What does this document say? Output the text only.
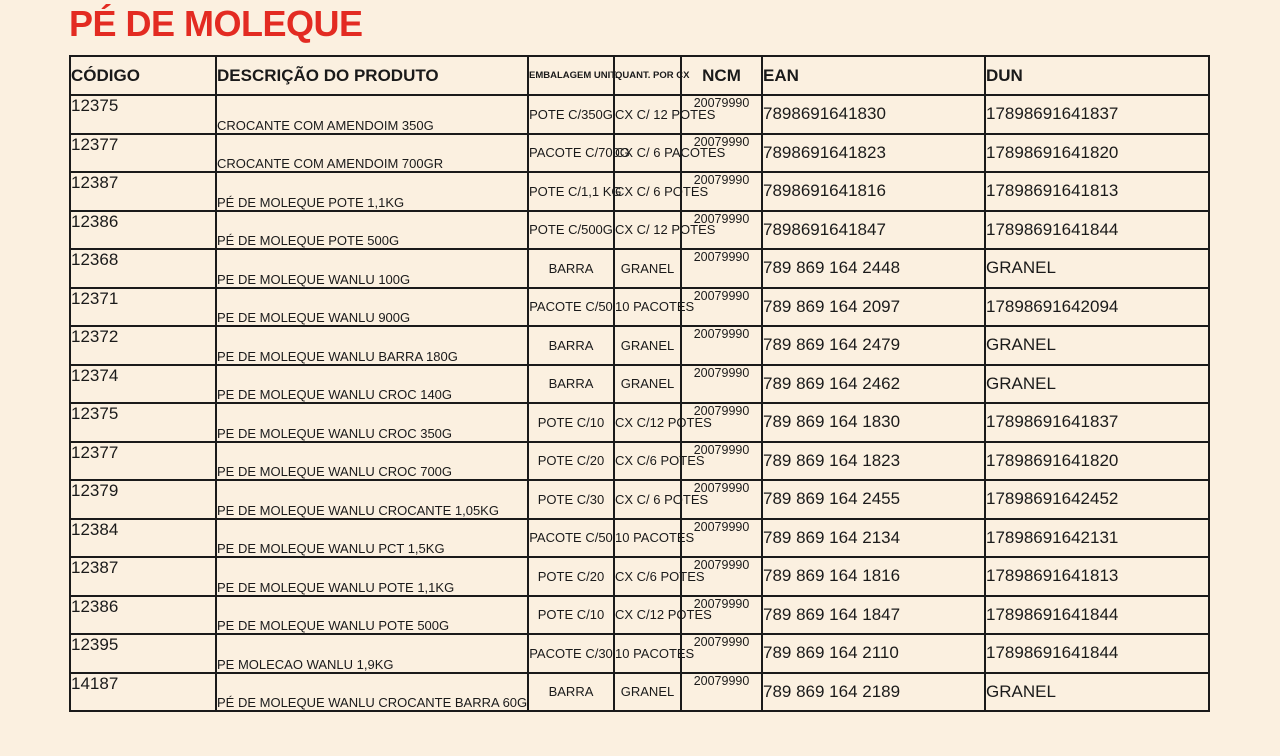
PÉ DE MOLEQUE
CÓDIGO	DESCRIÇÃO DO PRODUTO	EMBALAGEM UNIT.	QUANT. POR CX	NCM	EAN	DUN
12375	CROCANTE COM AMENDOIM 350G	POTE C/350G	CX C/ 12 POTES	20079990	7898691641830	17898691641837
12377	CROCANTE COM AMENDOIM 700GR	PACOTE C/700G	CX C/ 6 PACOTES	20079990	7898691641823	17898691641820
12387	PÉ DE MOLEQUE POTE 1,1KG	POTE C/1,1 KG	CX C/ 6 POTES	20079990	7898691641816	17898691641813
12386	PÉ DE MOLEQUE POTE 500G	POTE C/500G	CX C/ 12 POTES	20079990	7898691641847	17898691641844
12368	PE DE MOLEQUE WANLU 100G	BARRA	GRANEL	20079990	789 869 164 2448	GRANEL
12371	PE DE MOLEQUE WANLU 900G	PACOTE C/50	10 PACOTES	20079990	789 869 164 2097	17898691642094
12372	PE DE MOLEQUE WANLU BARRA 180G	BARRA	GRANEL	20079990	789 869 164 2479	GRANEL
12374	PE DE MOLEQUE WANLU CROC 140G	BARRA	GRANEL	20079990	789 869 164 2462	GRANEL
12375	PE DE MOLEQUE WANLU CROC 350G	POTE C/10	CX C/12 POTES	20079990	789 869 164 1830	17898691641837
12377	PE DE MOLEQUE WANLU CROC 700G	POTE C/20	CX C/6 POTES	20079990	789 869 164 1823	17898691641820
12379	PE DE MOLEQUE WANLU CROCANTE 1,05KG	POTE C/30	CX C/ 6 POTES	20079990	789 869 164 2455	17898691642452
12384	PE DE MOLEQUE WANLU PCT 1,5KG	PACOTE C/50	10 PACOTES	20079990	789 869 164 2134	17898691642131
12387	PE DE MOLEQUE WANLU POTE 1,1KG	POTE C/20	CX C/6 POTES	20079990	789 869 164 1816	17898691641813
12386	PE DE MOLEQUE WANLU POTE 500G	POTE C/10	CX C/12 POTES	20079990	789 869 164 1847	17898691641844
12395	PE MOLECAO WANLU 1,9KG	PACOTE C/30	10 PACOTES	20079990	789 869 164 2110	17898691641844
14187	PÉ DE MOLEQUE WANLU CROCANTE BARRA 60G	BARRA	GRANEL	20079990	789 869 164 2189	GRANEL
